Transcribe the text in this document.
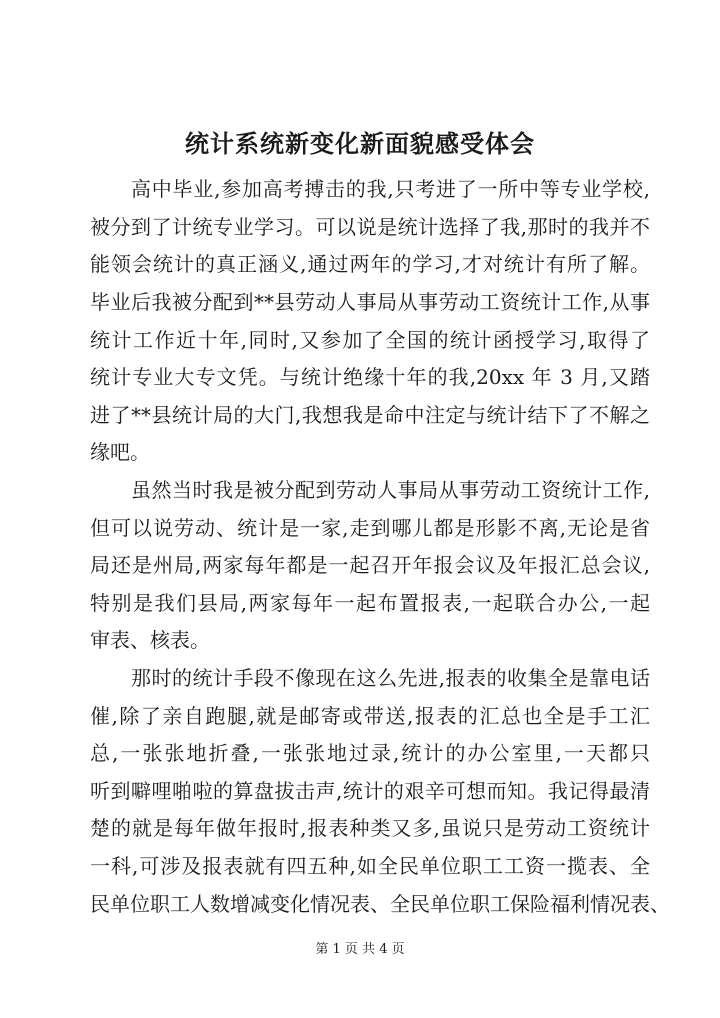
统计系统新变化新面貌感受体会

高中毕业,参加高考搏击的我,只考进了一所中等专业学校,

被分到了计统专业学习。可以说是统计选择了我,那时的我并不

能领会统计的真正涵义,通过两年的学习,才对统计有所了解。

毕业后我被分配到**县劳动人事局从事劳动工资统计工作,从事

统计工作近十年,同时,又参加了全国的统计函授学习,取得了

统计专业大专文凭。与统计绝缘十年的我,20xx 年 3 月,又踏

进了**县统计局的大门,我想我是命中注定与统计结下了不解之

缘吧。

虽然当时我是被分配到劳动人事局从事劳动工资统计工作,

但可以说劳动、统计是一家,走到哪儿都是形影不离,无论是省

局还是州局,两家每年都是一起召开年报会议及年报汇总会议,

特别是我们县局,两家每年一起布置报表,一起联合办公,一起

审表、核表。

那时的统计手段不像现在这么先进,报表的收集全是靠电话

催,除了亲自跑腿,就是邮寄或带送,报表的汇总也全是手工汇

总,一张张地折叠,一张张地过录,统计的办公室里,一天都只

听到噼哩啪啦的算盘拔击声,统计的艰辛可想而知。我记得最清

楚的就是每年做年报时,报表种类又多,虽说只是劳动工资统计

一科,可涉及报表就有四五种,如全民单位职工工资一揽表、全

民单位职工人数增减变化情况表、全民单位职工保险福利情况表、

第 1 页 共 4 页
